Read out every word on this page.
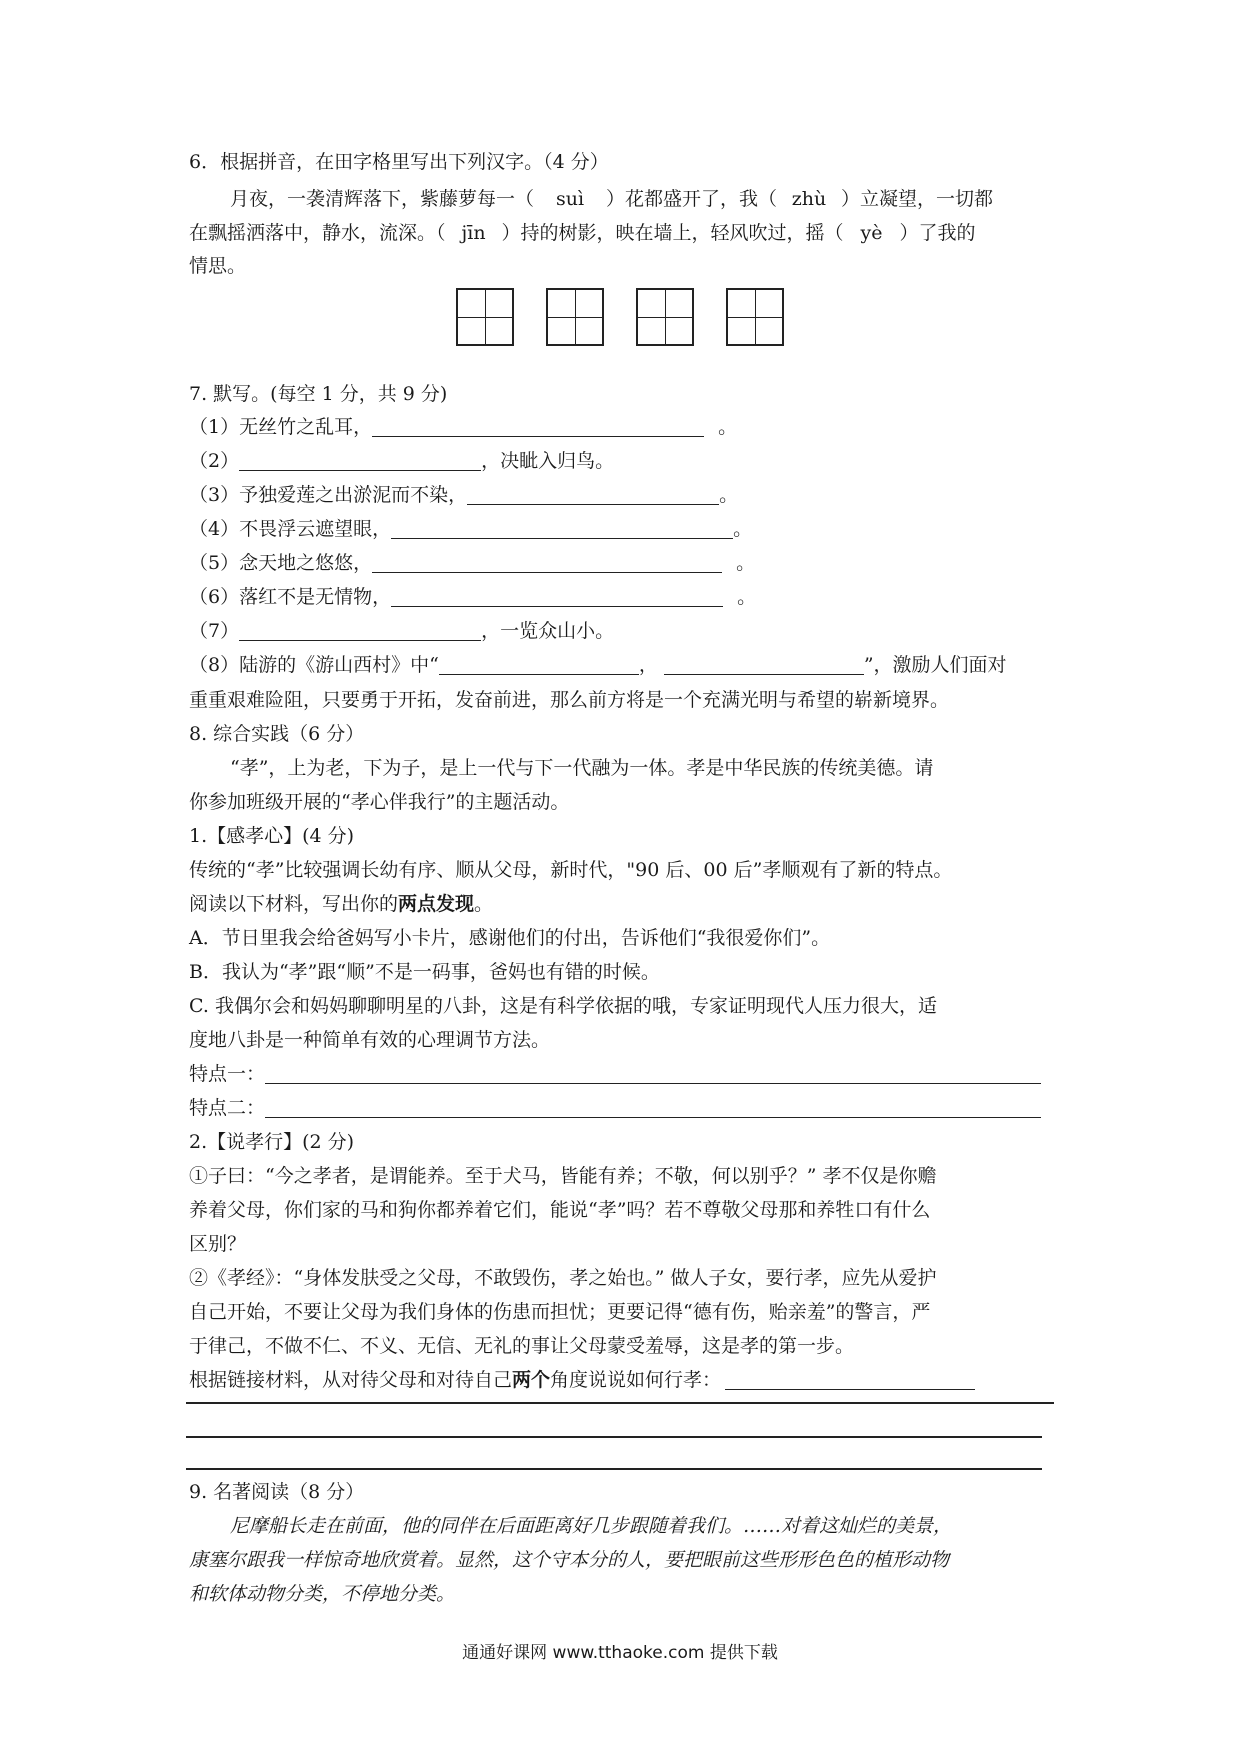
6．根据拼音，在田字格里写出下列汉字。（4 分）
月夜，一袭清辉落下，紫藤萝每一（ suì ）花都盛开了，我（ zhù ）立凝望，一切都
在飘摇洒落中，静水，流深。（ jīn ）持的树影，映在墙上，轻风吹过，摇（ yè ）了我的
情思。
7. 默写。(每空 1 分，共 9 分)
（1）无丝竹之乱耳，	。
（2）	，决眦入归鸟。
（3）予独爱莲之出淤泥而不染，	。
（4）不畏浮云遮望眼，	。
（5）念天地之悠悠，	。
（6）落红不是无情物，	。
（7）	，一览众山小。
（8）陆游的《游山西村》中“	，	”，激励人们面对
重重艰难险阻，只要勇于开拓，发奋前进，那么前方将是一个充满光明与希望的崭新境界。
8. 综合实践（6 分）
“孝”，上为老，下为子，是上一代与下一代融为一体。孝是中华民族的传统美德。请
你参加班级开展的“孝心伴我行”的主题活动。
1.【感孝心】(4 分)
传统的“孝”比较强调长幼有序、顺从父母，新时代，"90 后、00 后”孝顺观有了新的特点。
阅读以下材料，写出你的两点发现。
A．节日里我会给爸妈写小卡片，感谢他们的付出，告诉他们“我很爱你们”。
B．我认为“孝”跟“顺”不是一码事，爸妈也有错的时候。
C. 我偶尔会和妈妈聊聊明星的八卦，这是有科学依据的哦，专家证明现代人压力很大，适
度地八卦是一种简单有效的心理调节方法。
特点一：
特点二：
2.【说孝行】(2 分)
①子曰：“今之孝者，是谓能养。至于犬马，皆能有养；不敬，何以别乎？” 孝不仅是你赡
养着父母，你们家的马和狗你都养着它们，能说“孝”吗？若不尊敬父母那和养牲口有什么
区别？
②《孝经》：“身体发肤受之父母，不敢毁伤，孝之始也。” 做人子女，要行孝，应先从爱护
自己开始，不要让父母为我们身体的伤患而担忧；更要记得“德有伤，贻亲羞”的警言，严
于律己，不做不仁、不义、无信、无礼的事让父母蒙受羞辱，这是孝的第一步。
根据链接材料，从对待父母和对待自己两个角度说说如何行孝：
9. 名著阅读（8 分）
尼摩船长走在前面，他的同伴在后面距离好几步跟随着我们。……对着这灿烂的美景，
康塞尔跟我一样惊奇地欣赏着。显然，这个守本分的人，要把眼前这些形形色色的植形动物
和软体动物分类，不停地分类。
通通好课网 www.tthaoke.com 提供下载
